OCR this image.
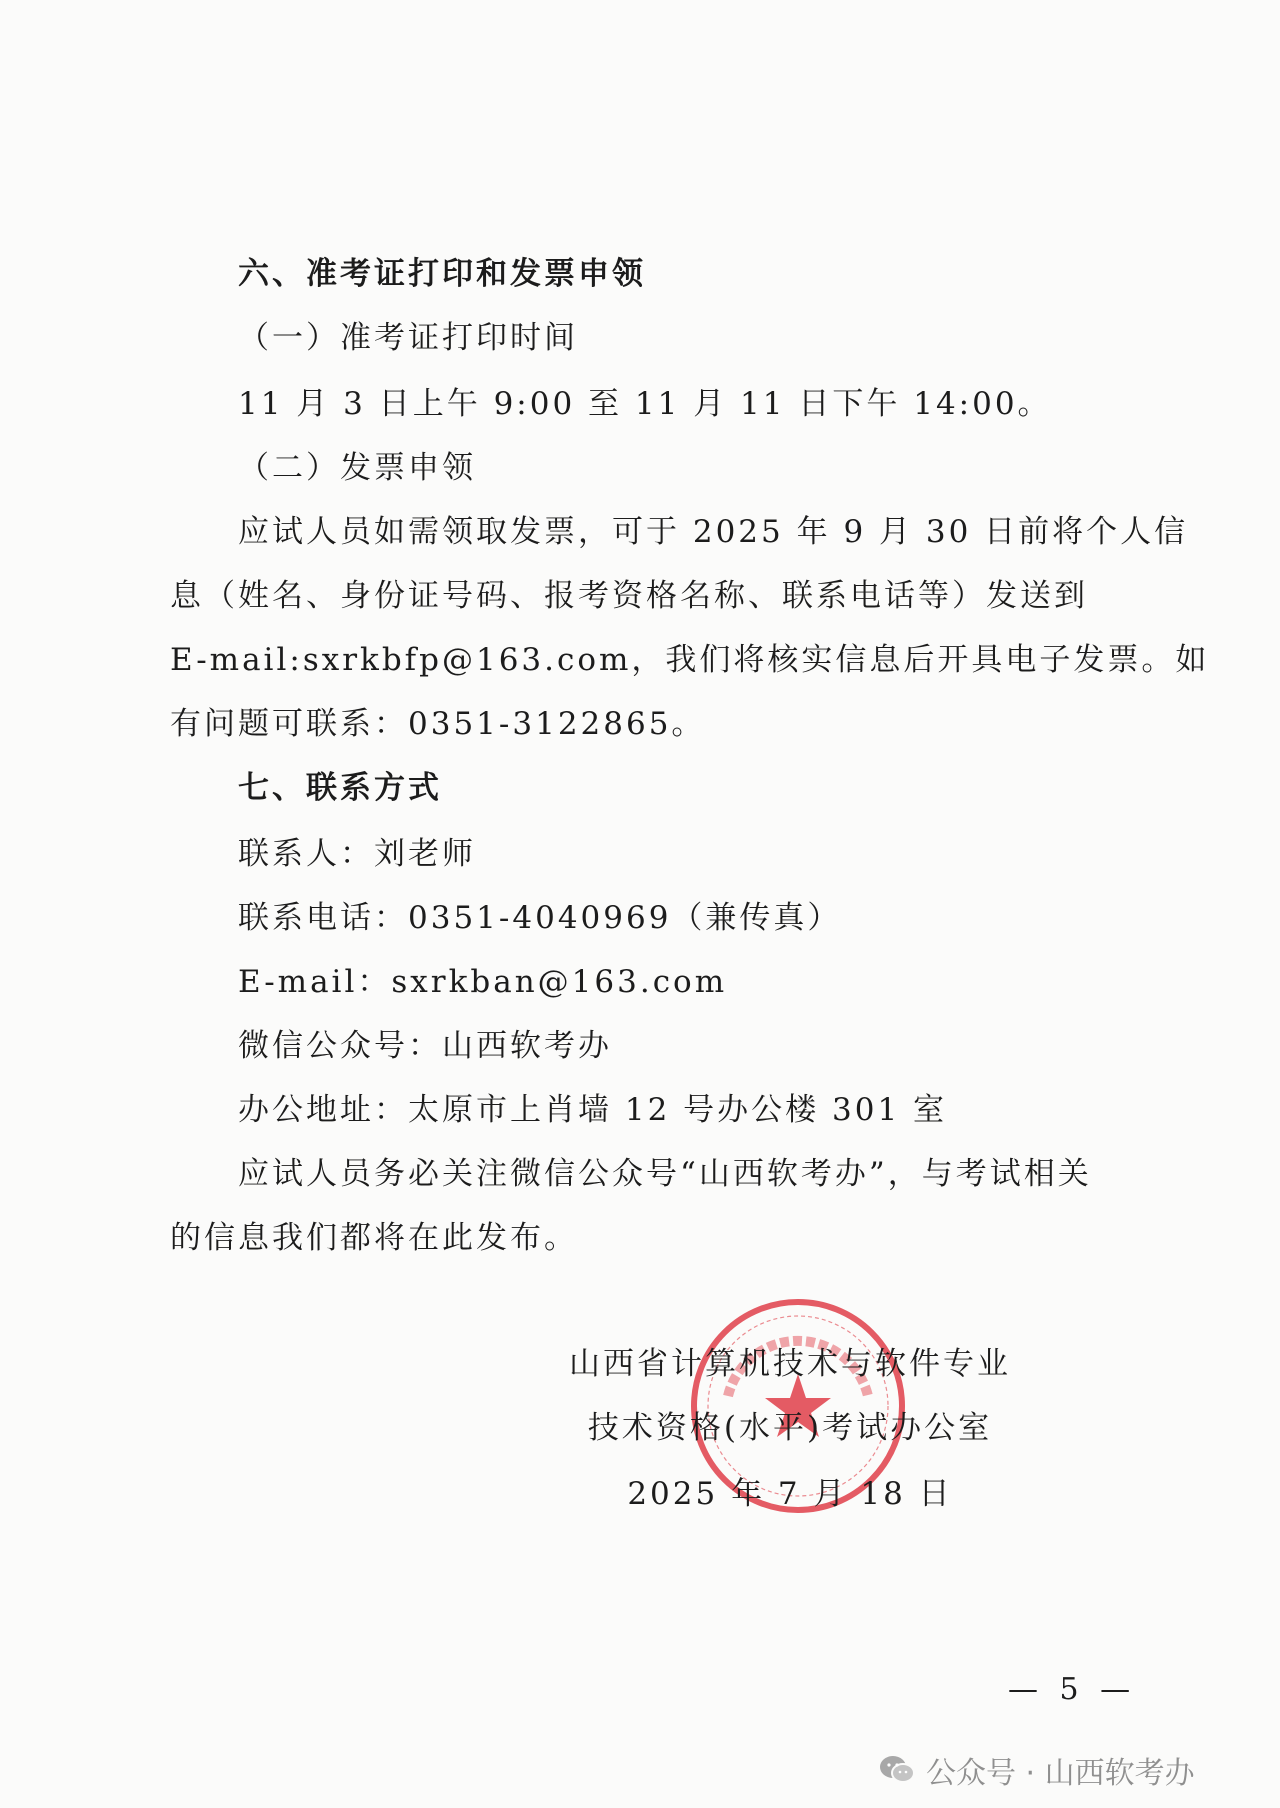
六、准考证打印和发票申领
（一）准考证打印时间
11 月 3 日上午 9:00 至 11 月 11 日下午 14:00。
（二）发票申领
应试人员如需领取发票，可于 2025 年 9 月 30 日前将个人信
息（姓名、身份证号码、报考资格名称、联系电话等）发送到
E-mail:sxrkbfp@163.com，我们将核实信息后开具电子发票。如
有问题可联系：0351-3122865。
七、联系方式
联系人：刘老师
联系电话：0351-4040969（兼传真）
E-mail：sxrkban@163.com
微信公众号：山西软考办
办公地址：太原市上肖墙 12 号办公楼 301 室
应试人员务必关注微信公众号“山西软考办”，与考试相关
的信息我们都将在此发布。
山西省计算机技术与软件专业
技术资格(水平)考试办公室
2025 年 7 月 18 日
— 5 —
公众号 · 山西软考办
